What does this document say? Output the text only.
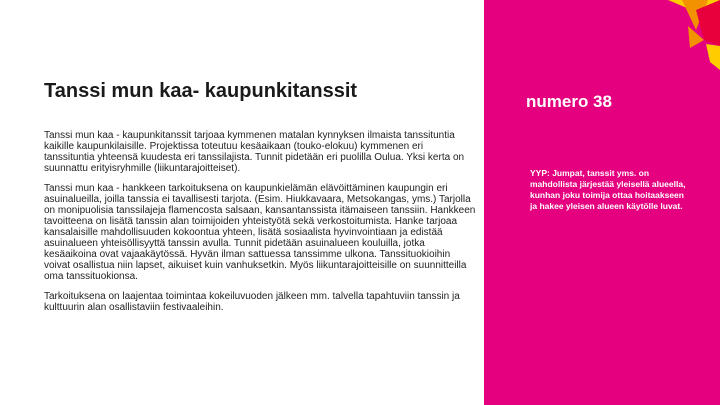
Tanssi mun kaa- kaupunkitanssit

Tanssi mun kaa - kaupunkitanssit tarjoaa kymmenen matalan kynnyksen ilmaista tanssituntia kaikille kaupunkilaisille. Projektissa toteutuu kesäaikaan (touko-elokuu) kymmenen eri tanssituntia yhteensä kuudesta eri tanssilajista. Tunnit pidetään eri puolilla Oulua. Yksi kerta on suunnattu erityisryhmille (liikuntarajoitteiset).

Tanssi mun kaa - hankkeen tarkoituksena on kaupunkielämän elävöittäminen kaupungin eri asuinalueilla, joilla tanssia ei tavallisesti tarjota. (Esim. Hiukkavaara, Metsokangas, yms.) Tarjolla on monipuolisia tanssilajeja flamencosta salsaan, kansantanssista itämaiseen tanssiin. Hankkeen tavoitteena on lisätä tanssin alan toimijoiden yhteistyötä sekä verkostoitumista. Hanke tarjoaa kansalaisille mahdollisuuden kokoontua yhteen, lisätä sosiaalista hyvinvointiaan ja edistää asuinalueen yhteisöllisyyttä tanssin avulla. Tunnit pidetään asuinalueen kouluilla, jotka kesäaikoina ovat vajaakäytössä. Hyvän ilman sattuessa tanssimme ulkona. Tanssituokioihin voivat osallistua niin lapset, aikuiset kuin vanhuksetkin. Myös liikuntarajoitteisille on suunnitteilla oma tanssituokionsa.

Tarkoituksena on laajentaa toimintaa kokeiluvuoden jälkeen mm. talvella tapahtuviin tanssin ja kulttuurin alan osallistaviin festivaaleihin.

numero 38
YYP: Jumpat, tanssit yms. on mahdollista järjestää yleisellä alueella, kunhan joku toimija ottaa hoitaakseen ja hakee yleisen alueen käytölle luvat.
